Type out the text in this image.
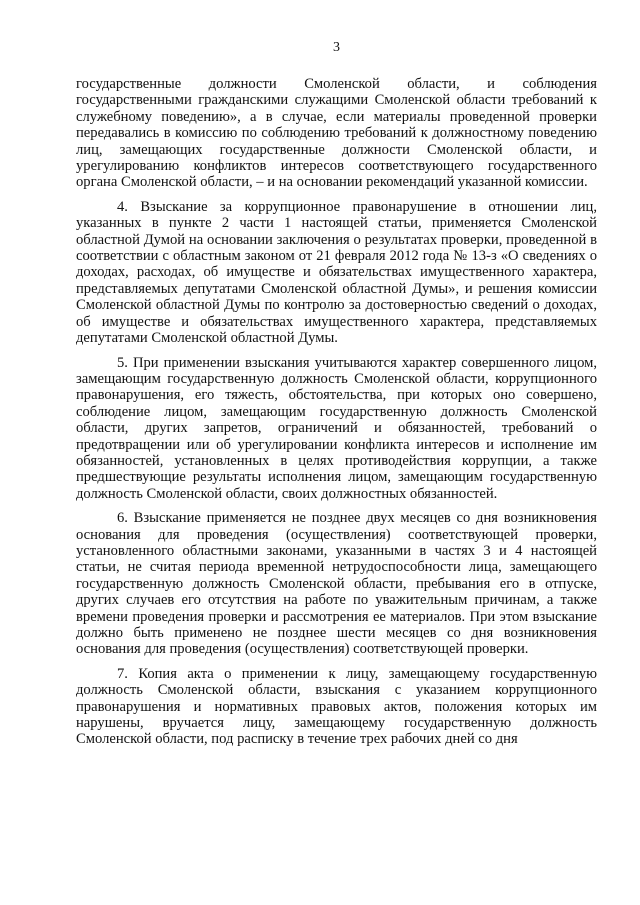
3

государственные должности Смоленской области, и соблюдения государственными гражданскими служащими Смоленской области требований к служебному поведению», а в случае, если материалы проведенной проверки передавались в комиссию по соблюдению требований к должностному поведению лиц, замещающих государственные должности Смоленской области, и урегулированию конфликтов интересов соответствующего государственного органа Смоленской области, – и на основании рекомендаций указанной комиссии.

4. Взыскание за коррупционное правонарушение в отношении лиц, указанных в пункте 2 части 1 настоящей статьи, применяется Смоленской областной Думой на основании заключения о результатах проверки, проведенной в соответствии с областным законом от 21 февраля 2012 года № 13-з «О сведениях о доходах, расходах, об имуществе и обязательствах имущественного характера, представляемых депутатами Смоленской областной Думы», и решения комиссии Смоленской областной Думы по контролю за достоверностью сведений о доходах, об имуществе и обязательствах имущественного характера, представляемых депутатами Смоленской областной Думы.

5. При применении взыскания учитываются характер совершенного лицом, замещающим государственную должность Смоленской области, коррупционного правонарушения, его тяжесть, обстоятельства, при которых оно совершено, соблюдение лицом, замещающим государственную должность Смоленской области, других запретов, ограничений и обязанностей, требований о предотвращении или об урегулировании конфликта интересов и исполнение им обязанностей, установленных в целях противодействия коррупции, а также предшествующие результаты исполнения лицом, замещающим государственную должность Смоленской области, своих должностных обязанностей.

6. Взыскание применяется не позднее двух месяцев со дня возникновения основания для проведения (осуществления) соответствующей проверки, установленного областными законами, указанными в частях 3 и 4 настоящей статьи, не считая периода временной нетрудоспособности лица, замещающего государственную должность Смоленской области, пребывания его в отпуске, других случаев его отсутствия на работе по уважительным причинам, а также времени проведения проверки и рассмотрения ее материалов. При этом взыскание должно быть применено не позднее шести месяцев со дня возникновения основания для проведения (осуществления) соответствующей проверки.

7. Копия акта о применении к лицу, замещающему государственную должность Смоленской области, взыскания с указанием коррупционного правонарушения и нормативных правовых актов, положения которых им нарушены, вручается лицу, замещающему государственную должность Смоленской области, под расписку в течение трех рабочих дней со дня
